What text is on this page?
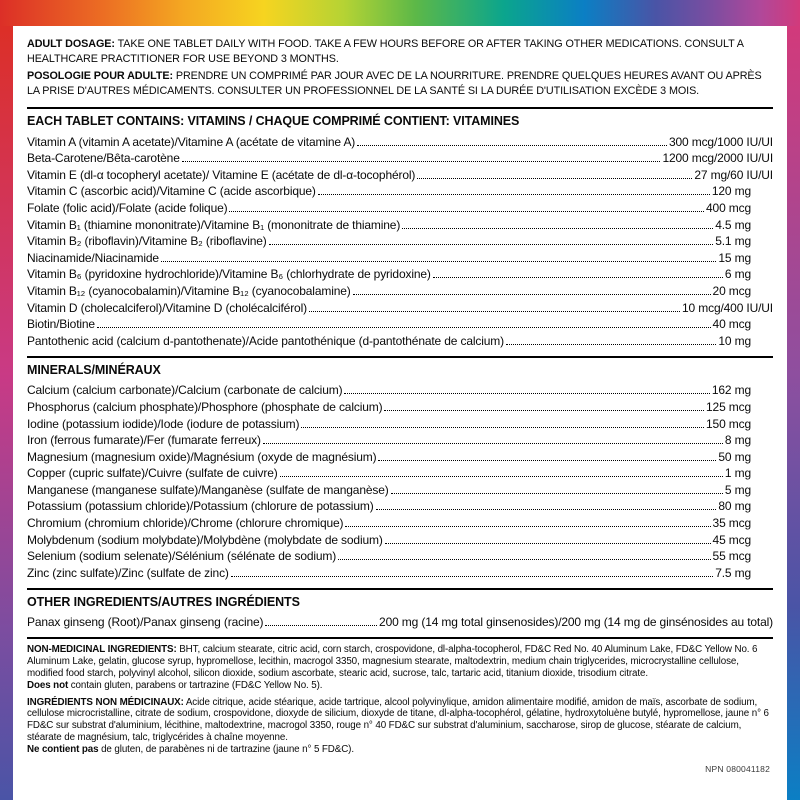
ADULT DOSAGE: TAKE ONE TABLET DAILY WITH FOOD. TAKE A FEW HOURS BEFORE OR AFTER TAKING OTHER MEDICATIONS. CONSULT A HEALTHCARE PRACTITIONER FOR USE BEYOND 3 MONTHS.

POSOLOGIE POUR ADULTE: PRENDRE UN COMPRIMÉ PAR JOUR AVEC DE LA NOURRITURE. PRENDRE QUELQUES HEURES AVANT OU APRÈS LA PRISE D'AUTRES MÉDICAMENTS. CONSULTER UN PROFESSIONNEL DE LA SANTÉ SI LA DURÉE D'UTILISATION EXCÈDE 3 MOIS.

EACH TABLET CONTAINS: VITAMINS / CHAQUE COMPRIMÉ CONTIENT: VITAMINES
Vitamin A (vitamin A acetate)/Vitamine A (acétate de vitamine A)	300 mcg/1000 IU/UI
Beta-Carotene/Bêta-carotène	1200 mcg/2000 IU/UI
Vitamin E (dl-α tocopheryl acetate)/ Vitamine E (acétate de dl-α-tocophérol)	27 mg/60 IU/UI
Vitamin C (ascorbic acid)/Vitamine C (acide ascorbique)	120 mg
Folate (folic acid)/Folate (acide folique)	400 mcg
Vitamin B₁ (thiamine mononitrate)/Vitamine B₁ (mononitrate de thiamine)	4.5 mg
Vitamin B₂ (riboflavin)/Vitamine B₂ (riboflavine)	5.1 mg
Niacinamide/Niacinamide	15 mg
Vitamin B₆ (pyridoxine hydrochloride)/Vitamine B₆ (chlorhydrate de pyridoxine)	6 mg
Vitamin B₁₂ (cyanocobalamin)/Vitamine B₁₂ (cyanocobalamine)	20 mcg
Vitamin D (cholecalciferol)/Vitamine D (cholécalciférol)	10 mcg/400 IU/UI
Biotin/Biotine	40 mcg
Pantothenic acid (calcium d-pantothenate)/Acide pantothénique (d-pantothénate de calcium)	10 mg
MINERALS/MINÉRAUX
Calcium (calcium carbonate)/Calcium (carbonate de calcium)	162 mg
Phosphorus (calcium phosphate)/Phosphore (phosphate de calcium)	125 mcg
Iodine (potassium iodide)/Iode (iodure de potassium)	150 mcg
Iron (ferrous fumarate)/Fer (fumarate ferreux)	8 mg
Magnesium (magnesium oxide)/Magnésium (oxyde de magnésium)	50 mg
Copper (cupric sulfate)/Cuivre (sulfate de cuivre)	1 mg
Manganese (manganese sulfate)/Manganèse (sulfate de manganèse)	5 mg
Potassium (potassium chloride)/Potassium (chlorure de potassium)	80 mg
Chromium (chromium chloride)/Chrome (chlorure chromique)	35 mcg
Molybdenum (sodium molybdate)/Molybdène (molybdate de sodium)	45 mcg
Selenium (sodium selenate)/Sélénium (sélénate de sodium)	55 mcg
Zinc (zinc sulfate)/Zinc (sulfate de zinc)	7.5 mg
OTHER INGREDIENTS/AUTRES INGRÉDIENTS
Panax ginseng (Root)/Panax ginseng (racine)	200 mg (14 mg total ginsenosides)/200 mg (14 mg de ginsénosides au total)

NON-MEDICINAL INGREDIENTS: BHT, calcium stearate, citric acid, corn starch, crospovidone, dl-alpha-tocopherol, FD&C Red No. 40 Aluminum Lake, FD&C Yellow No. 6 Aluminum Lake, gelatin, glucose syrup, hypromellose, lecithin, macrogol 3350, magnesium stearate, maltodextrin, medium chain triglycerides, microcrystalline cellulose, modified food starch, polyvinyl alcohol, silicon dioxide, sodium ascorbate, stearic acid, sucrose, talc, tartaric acid, titanium dioxide, trisodium citrate.

Does not contain gluten, parabens or tartrazine (FD&C Yellow No. 5).

INGRÉDIENTS NON MÉDICINAUX: Acide citrique, acide stéarique, acide tartrique, alcool polyvinylique, amidon alimentaire modifié, amidon de maïs, ascorbate de sodium, cellulose microcristalline, citrate de sodium, crospovidone, dioxyde de silicium, dioxyde de titane, dl-alpha-tocophérol, gélatine, hydroxytoluène butylé, hypromellose, jaune n° 6 FD&C sur substrat d'aluminium, lécithine, maltodextrine, macrogol 3350, rouge n° 40 FD&C sur substrat d'aluminium, saccharose, sirop de glucose, stéarate de calcium, stéarate de magnésium, talc, triglycérides à chaîne moyenne.

Ne contient pas de gluten, de parabènes ni de tartrazine (jaune n° 5 FD&C).

NPN 080041182
